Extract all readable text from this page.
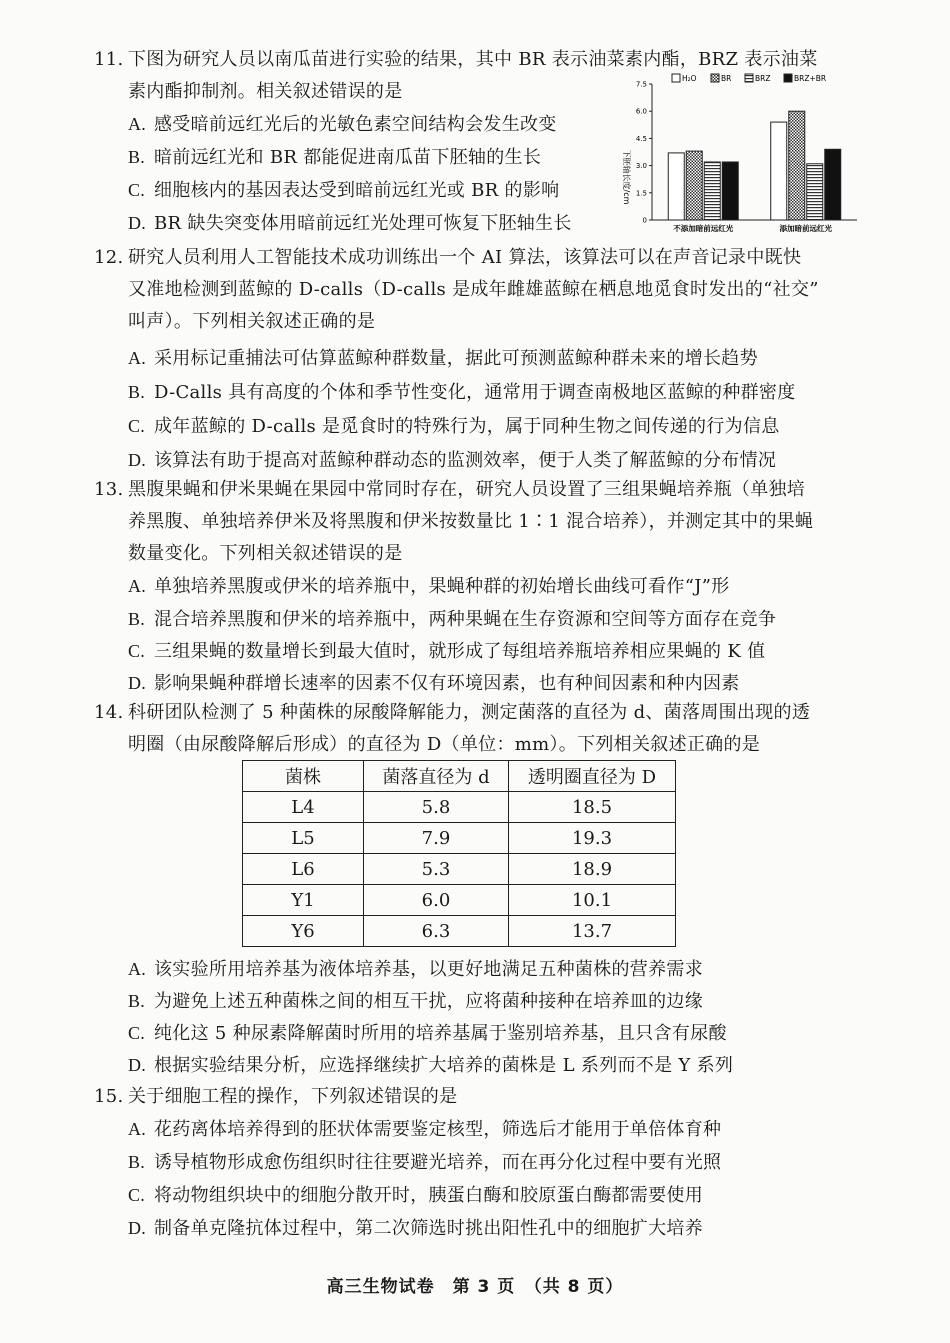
11. 下图为研究人员以南瓜苗进行实验的结果，其中 BR 表示油菜素内酯，BRZ 表示油菜
素内酯抑制剂。相关叙述错误的是
A. 感受暗前远红光后的光敏色素空间结构会发生改变
B. 暗前远红光和 BR 都能促进南瓜苗下胚轴的生长
C. 细胞核内的基因表达受到暗前远红光或 BR 的影响
D. BR 缺失突变体用暗前远红光处理可恢复下胚轴生长
H₂O	BR	BRZ	BRZ+BR
0
1.5
3.0
4.5
6.0
7.5
不添加暗前远红光	添加暗前远红光
下胚轴长度/cm
12. 研究人员利用人工智能技术成功训练出一个 AI 算法，该算法可以在声音记录中既快
又准地检测到蓝鲸的 D-calls（D-calls 是成年雌雄蓝鲸在栖息地觅食时发出的“社交”
叫声）。下列相关叙述正确的是
A. 采用标记重捕法可估算蓝鲸种群数量，据此可预测蓝鲸种群未来的增长趋势
B. D-Calls 具有高度的个体和季节性变化，通常用于调查南极地区蓝鲸的种群密度
C. 成年蓝鲸的 D-calls 是觅食时的特殊行为，属于同种生物之间传递的行为信息
D. 该算法有助于提高对蓝鲸种群动态的监测效率，便于人类了解蓝鲸的分布情况
13. 黑腹果蝇和伊米果蝇在果园中常同时存在，研究人员设置了三组果蝇培养瓶（单独培
养黑腹、单独培养伊米及将黑腹和伊米按数量比 1∶1 混合培养），并测定其中的果蝇
数量变化。下列相关叙述错误的是
A. 单独培养黑腹或伊米的培养瓶中，果蝇种群的初始增长曲线可看作“J”形
B. 混合培养黑腹和伊米的培养瓶中，两种果蝇在生存资源和空间等方面存在竞争
C. 三组果蝇的数量增长到最大值时，就形成了每组培养瓶培养相应果蝇的 K 值
D. 影响果蝇种群增长速率的因素不仅有环境因素，也有种间因素和种内因素
14. 科研团队检测了 5 种菌株的尿酸降解能力，测定菌落的直径为 d、菌落周围出现的透
明圈（由尿酸降解后形成）的直径为 D（单位：mm）。下列相关叙述正确的是
菌株	菌落直径为 d	透明圈直径为 D
L4	5.8	18.5
L5	7.9	19.3
L6	5.3	18.9
Y1	6.0	10.1
Y6	6.3	13.7
A. 该实验所用培养基为液体培养基，以更好地满足五种菌株的营养需求
B. 为避免上述五种菌株之间的相互干扰，应将菌种接种在培养皿的边缘
C. 纯化这 5 种尿素降解菌时所用的培养基属于鉴别培养基，且只含有尿酸
D. 根据实验结果分析，应选择继续扩大培养的菌株是 L 系列而不是 Y 系列
15. 关于细胞工程的操作，下列叙述错误的是
A. 花药离体培养得到的胚状体需要鉴定核型，筛选后才能用于单倍体育种
B. 诱导植物形成愈伤组织时往往要避光培养，而在再分化过程中要有光照
C. 将动物组织块中的细胞分散开时，胰蛋白酶和胶原蛋白酶都需要使用
D. 制备单克隆抗体过程中，第二次筛选时挑出阳性孔中的细胞扩大培养
高三生物试卷　第 3 页　（共 8 页）
